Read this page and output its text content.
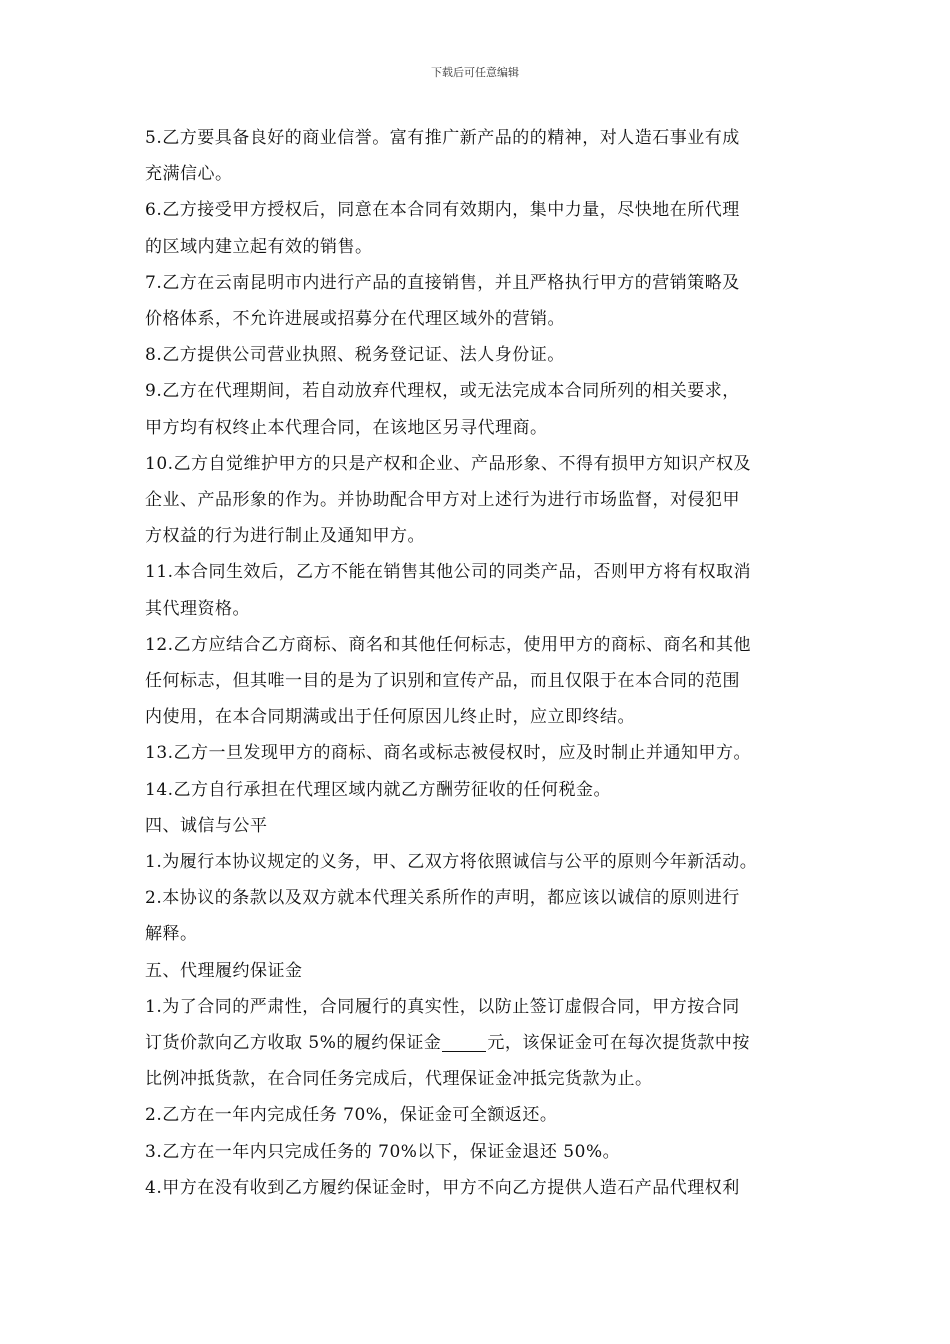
下载后可任意编辑

5.乙方要具备良好的商业信誉。富有推广新产品的的精神，对人造石事业有成
充满信心。

6.乙方接受甲方授权后，同意在本合同有效期内，集中力量，尽快地在所代理
的区域内建立起有效的销售。

7.乙方在云南昆明市内进行产品的直接销售，并且严格执行甲方的营销策略及
价格体系，不允许进展或招募分在代理区域外的营销。

8.乙方提供公司营业执照、税务登记证、法人身份证。

9.乙方在代理期间，若自动放弃代理权，或无法完成本合同所列的相关要求，
甲方均有权终止本代理合同，在该地区另寻代理商。

10.乙方自觉维护甲方的只是产权和企业、产品形象、不得有损甲方知识产权及
企业、产品形象的作为。并协助配合甲方对上述行为进行市场监督，对侵犯甲
方权益的行为进行制止及通知甲方。

11.本合同生效后，乙方不能在销售其他公司的同类产品，否则甲方将有权取消
其代理资格。

12.乙方应结合乙方商标、商名和其他任何标志，使用甲方的商标、商名和其他
任何标志，但其唯一目的是为了识别和宣传产品，而且仅限于在本合同的范围
内使用，在本合同期满或出于任何原因儿终止时，应立即终结。

13.乙方一旦发现甲方的商标、商名或标志被侵权时，应及时制止并通知甲方。

14.乙方自行承担在代理区域内就乙方酬劳征收的任何税金。

四、诚信与公平

1.为履行本协议规定的义务，甲、乙双方将依照诚信与公平的原则今年新活动。

2.本协议的条款以及双方就本代理关系所作的声明，都应该以诚信的原则进行
解释。

五、代理履约保证金

1.为了合同的严肃性，合同履行的真实性，以防止签订虚假合同，甲方按合同
订货价款向乙方收取 5%的履约保证金	元，该保证金可在每次提货款中按
比例冲抵货款，在合同任务完成后，代理保证金冲抵完货款为止。

2.乙方在一年内完成任务 70%，保证金可全额返还。

3.乙方在一年内只完成任务的 70%以下，保证金退还 50%。

4.甲方在没有收到乙方履约保证金时，甲方不向乙方提供人造石产品代理权利
